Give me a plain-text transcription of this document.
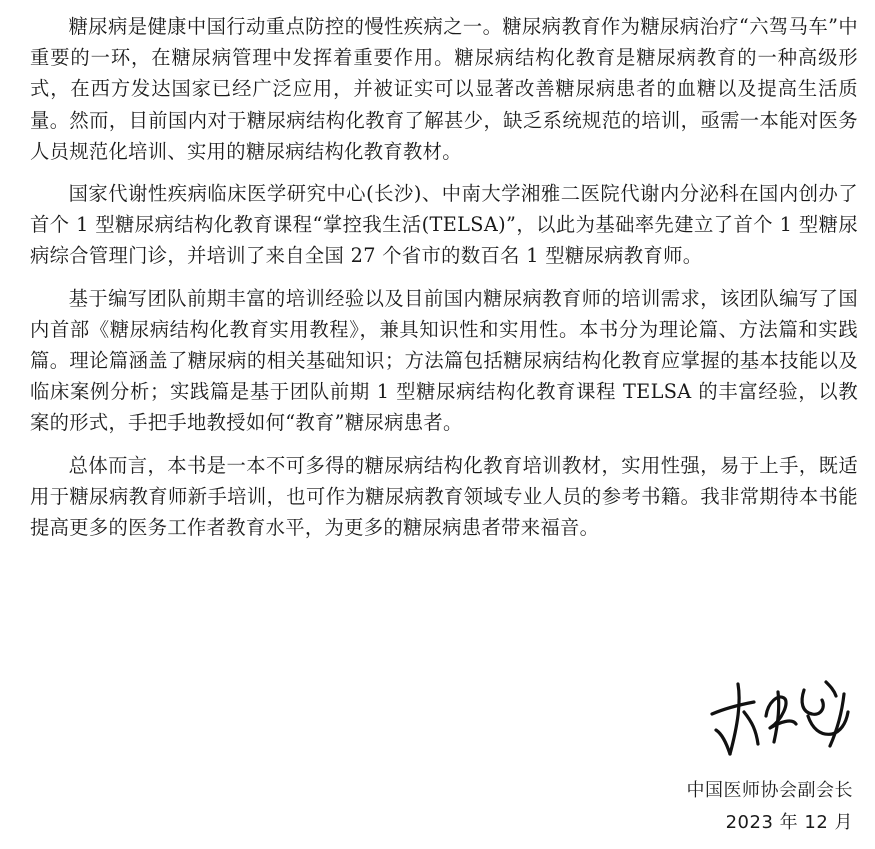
糖尿病是健康中国行动重点防控的慢性疾病之一。糖尿病教育作为糖尿病治疗“六驾马车”中重要的一环，在糖尿病管理中发挥着重要作用。糖尿病结构化教育是糖尿病教育的一种高级形式，在西方发达国家已经广泛应用，并被证实可以显著改善糖尿病患者的血糖以及提高生活质量。然而，目前国内对于糖尿病结构化教育了解甚少，缺乏系统规范的培训，亟需一本能对医务人员规范化培训、实用的糖尿病结构化教育教材。

国家代谢性疾病临床医学研究中心(长沙)、中南大学湘雅二医院代谢内分泌科在国内创办了首个 1 型糖尿病结构化教育课程“掌控我生活(TELSA)”，以此为基础率先建立了首个 1 型糖尿病综合管理门诊，并培训了来自全国 27 个省市的数百名 1 型糖尿病教育师。

基于编写团队前期丰富的培训经验以及目前国内糖尿病教育师的培训需求，该团队编写了国内首部《糖尿病结构化教育实用教程》，兼具知识性和实用性。本书分为理论篇、方法篇和实践篇。理论篇涵盖了糖尿病的相关基础知识；方法篇包括糖尿病结构化教育应掌握的基本技能以及临床案例分析；实践篇是基于团队前期 1 型糖尿病结构化教育课程 TELSA 的丰富经验，以教案的形式，手把手地教授如何“教育”糖尿病患者。

总体而言，本书是一本不可多得的糖尿病结构化教育培训教材，实用性强，易于上手，既适用于糖尿病教育师新手培训，也可作为糖尿病教育领域专业人员的参考书籍。我非常期待本书能提高更多的医务工作者教育水平，为更多的糖尿病患者带来福音。

中国医师协会副会长
2023 年 12 月
